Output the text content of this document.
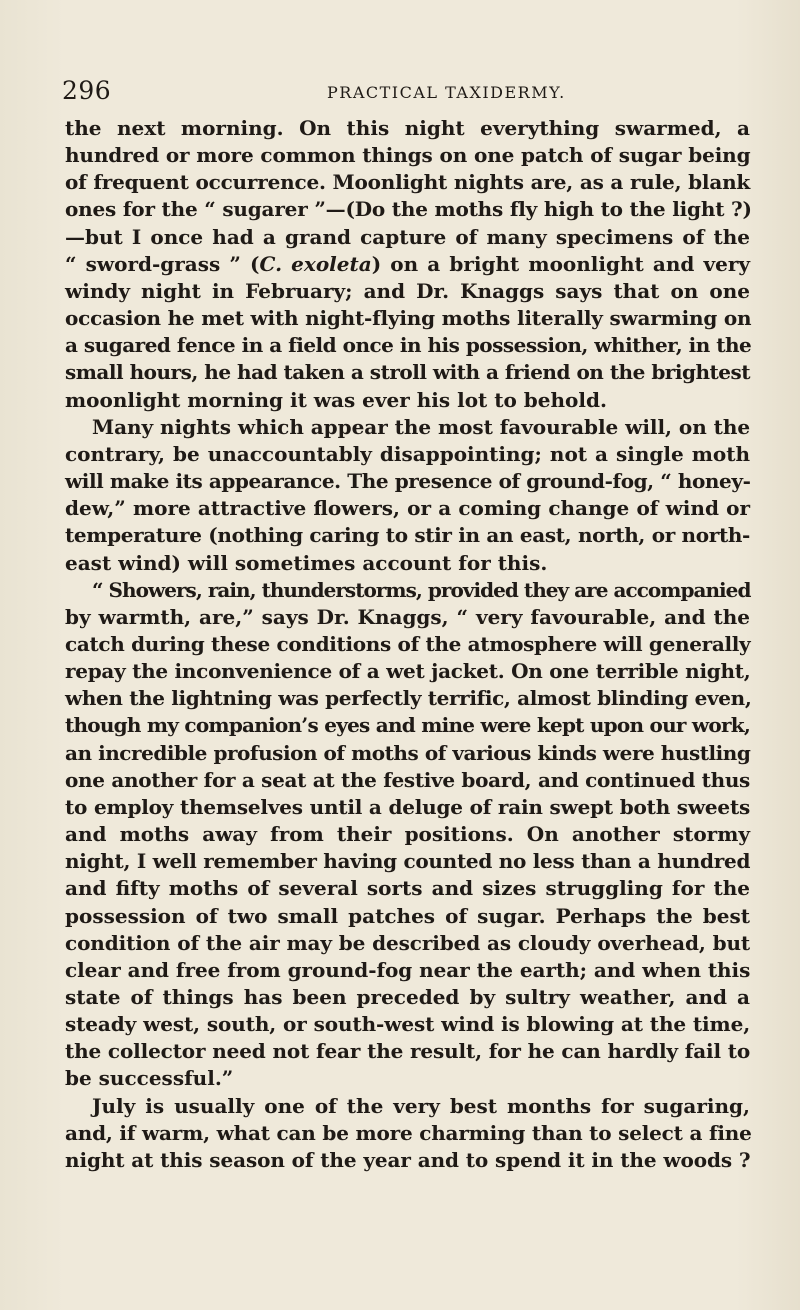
296	PRACTICAL TAXIDERMY.

the next morning. On this night everything swarmed, a
hundred or more common things on one patch of sugar being
of frequent occurrence. Moonlight nights are, as a rule, blank
ones for the “ sugarer ”—(Do the moths fly high to the light ?)
—but I once had a grand capture of many specimens of the
“ sword-grass ” (C. exoleta) on a bright moonlight and very
windy night in February; and Dr. Knaggs says that on one
occasion he met with night-flying moths literally swarming on
a sugared fence in a field once in his possession, whither, in the
small hours, he had taken a stroll with a friend on the brightest
moonlight morning it was ever his lot to behold.

Many nights which appear the most favourable will, on the
contrary, be unaccountably disappointing; not a single moth
will make its appearance. The presence of ground-fog, “ honey-
dew,” more attractive flowers, or a coming change of wind or
temperature (nothing caring to stir in an east, north, or north-
east wind) will sometimes account for this.

“ Showers, rain, thunderstorms, provided they are accompanied
by warmth, are,” says Dr. Knaggs, “ very favourable, and the
catch during these conditions of the atmosphere will generally
repay the inconvenience of a wet jacket. On one terrible night,
when the lightning was perfectly terrific, almost blinding even,
though my companion’s eyes and mine were kept upon our work,
an incredible profusion of moths of various kinds were hustling
one another for a seat at the festive board, and continued thus
to employ themselves until a deluge of rain swept both sweets
and moths away from their positions. On another stormy
night, I well remember having counted no less than a hundred
and fifty moths of several sorts and sizes struggling for the
possession of two small patches of sugar. Perhaps the best
condition of the air may be described as cloudy overhead, but
clear and free from ground-fog near the earth; and when this
state of things has been preceded by sultry weather, and a
steady west, south, or south-west wind is blowing at the time,
the collector need not fear the result, for he can hardly fail to
be successful.”

July is usually one of the very best months for sugaring,
and, if warm, what can be more charming than to select a fine
night at this season of the year and to spend it in the woods ?
